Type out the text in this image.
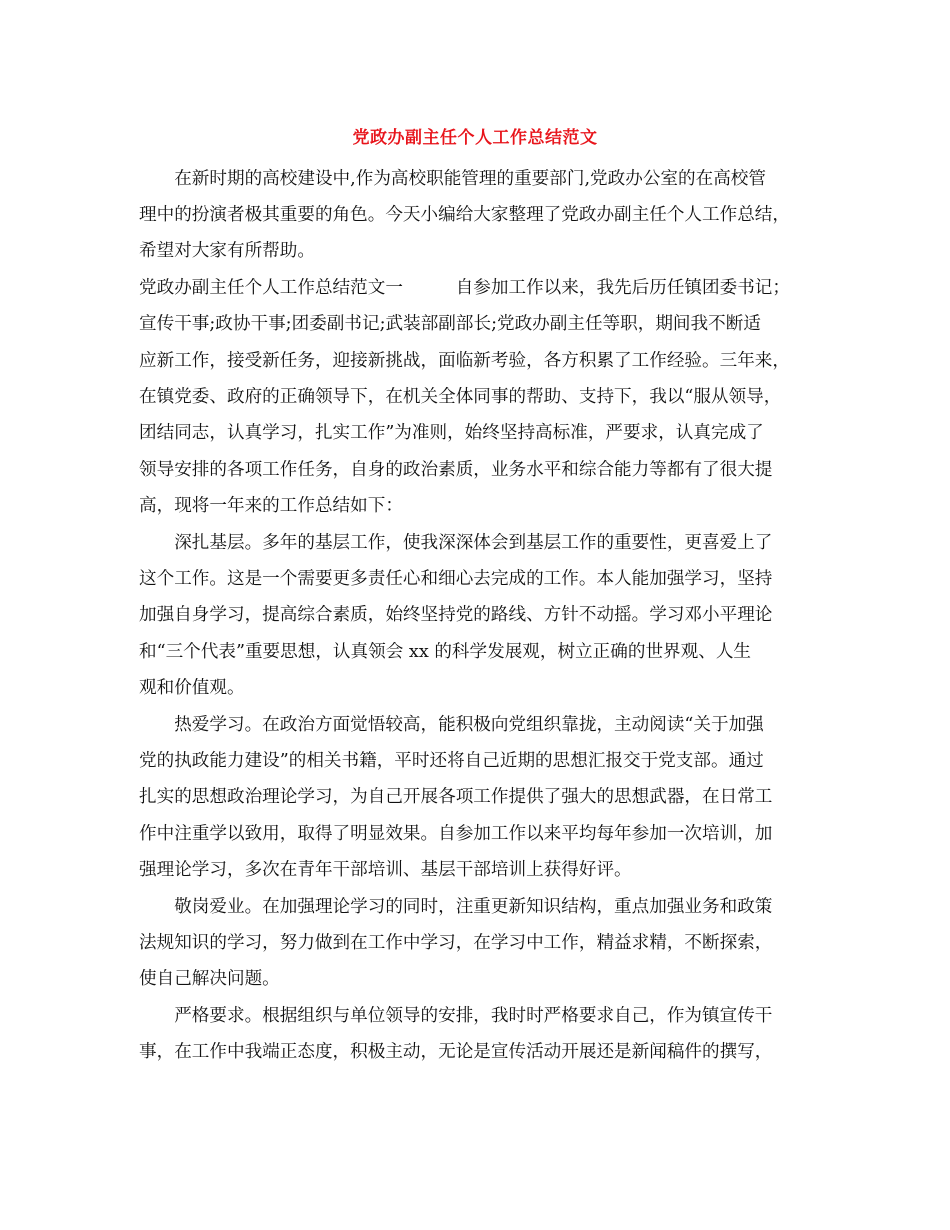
党政办副主任个人工作总结范文
　　在新时期的高校建设中,作为高校职能管理的重要部门,党政办公室的在高校管
理中的扮演者极其重要的角色。今天小编给大家整理了党政办副主任个人工作总结，
希望对大家有所帮助。
党政办副主任个人工作总结范文一　　　自参加工作以来，我先后历任镇团委书记；
宣传干事;政协干事;团委副书记;武装部副部长;党政办副主任等职，期间我不断适
应新工作，接受新任务，迎接新挑战，面临新考验，各方积累了工作经验。三年来，
在镇党委、政府的正确领导下，在机关全体同事的帮助、支持下，我以“服从领导，
团结同志，认真学习，扎实工作”为准则，始终坚持高标准，严要求，认真完成了
领导安排的各项工作任务，自身的政治素质，业务水平和综合能力等都有了很大提
高，现将一年来的工作总结如下：
　　深扎基层。多年的基层工作，使我深深体会到基层工作的重要性，更喜爱上了
这个工作。这是一个需要更多责任心和细心去完成的工作。本人能加强学习，坚持
加强自身学习，提高综合素质，始终坚持党的路线、方针不动摇。学习邓小平理论
和“三个代表”重要思想，认真领会 xx 的科学发展观，树立正确的世界观、人生
观和价值观。
　　热爱学习。在政治方面觉悟较高，能积极向党组织靠拢，主动阅读“关于加强
党的执政能力建设”的相关书籍，平时还将自己近期的思想汇报交于党支部。通过
扎实的思想政治理论学习，为自己开展各项工作提供了强大的思想武器，在日常工
作中注重学以致用，取得了明显效果。自参加工作以来平均每年参加一次培训，加
强理论学习，多次在青年干部培训、基层干部培训上获得好评。
　　敬岗爱业。在加强理论学习的同时，注重更新知识结构，重点加强业务和政策
法规知识的学习，努力做到在工作中学习，在学习中工作，精益求精，不断探索，
使自己解决问题。
　　严格要求。根据组织与单位领导的安排，我时时严格要求自己，作为镇宣传干
事，在工作中我端正态度，积极主动，无论是宣传活动开展还是新闻稿件的撰写，
